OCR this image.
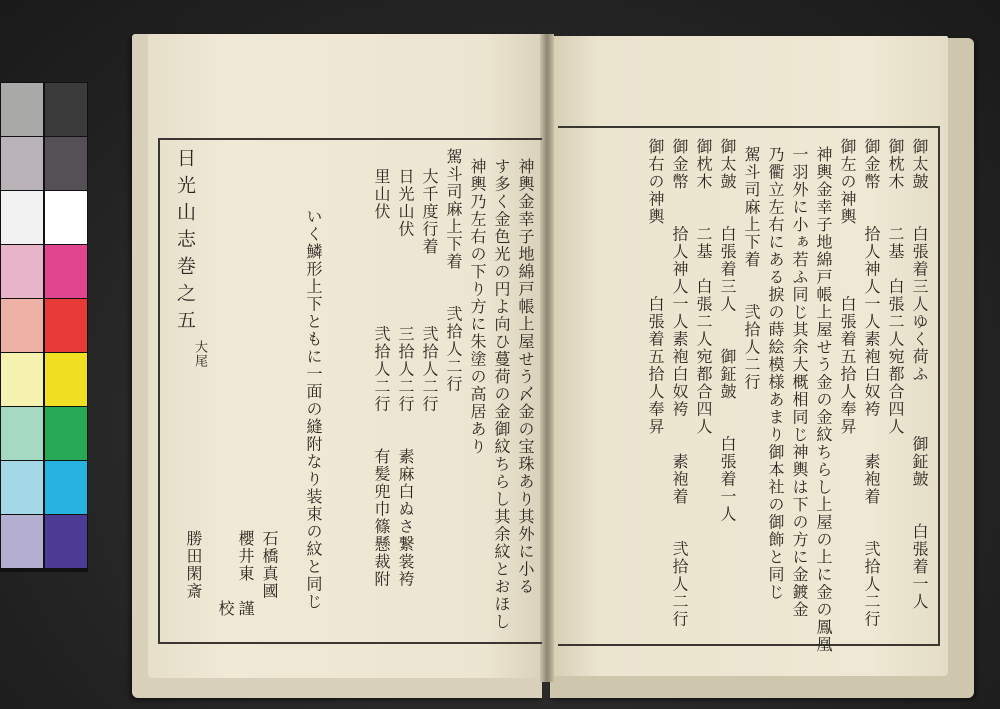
日光山志巻之五
大尾	神輿金幸子地綿戸帳上屋せう〆金の宝珠あり其外に小る
す多く金色光の円よ向ひ蔓荷の金御紋ちらし其余紋とおほし
神輿乃左右の下り方に朱塗の高居あり
駕斗司麻上下着　　弐拾人二行
大千度行着　　　　弐拾人二行
日光山伏　　　　　三拾人二行　　素麻白ぬさ繋裳袴
里山伏　　　　　　弐拾人二行　　有髪兜巾篠懸裁附
いく鱗形上下ともに一面の縫附なり装束の紋と同じ
石橋真國
櫻井東
謹
校
勝田閑斎	御太皷　　白張着三人ゆく荷ふ　　　御鉦皷　　白張着一人
御枕木　　二基　白張二人宛都合四人
御金幣　　拾人神人一人素袍白奴袴　　素袍着　　弐拾人二行
御左の神輿　　　　白張着五拾人奉昇
神輿金幸子地綿戸帳上屋せう金の金紋ちらし上屋の上に金の鳳凰
一羽外に小ぁ若ふ同じ其余大概相同じ神輿は下の方に金鍍金
乃衢立左右にある捩の蒔絵模様あまり御本社の御飾と同じ
駕斗司麻上下着　　弐拾人二行
御太皷　　白張着三人　　御鉦皷　　白張着一人
御枕木　　二基　白張二人宛都合四人
御金幣　　拾人神人一人素袍白奴袴　　素袍着　　弐拾人二行
御右の神輿　　　　白張着五拾人奉昇
